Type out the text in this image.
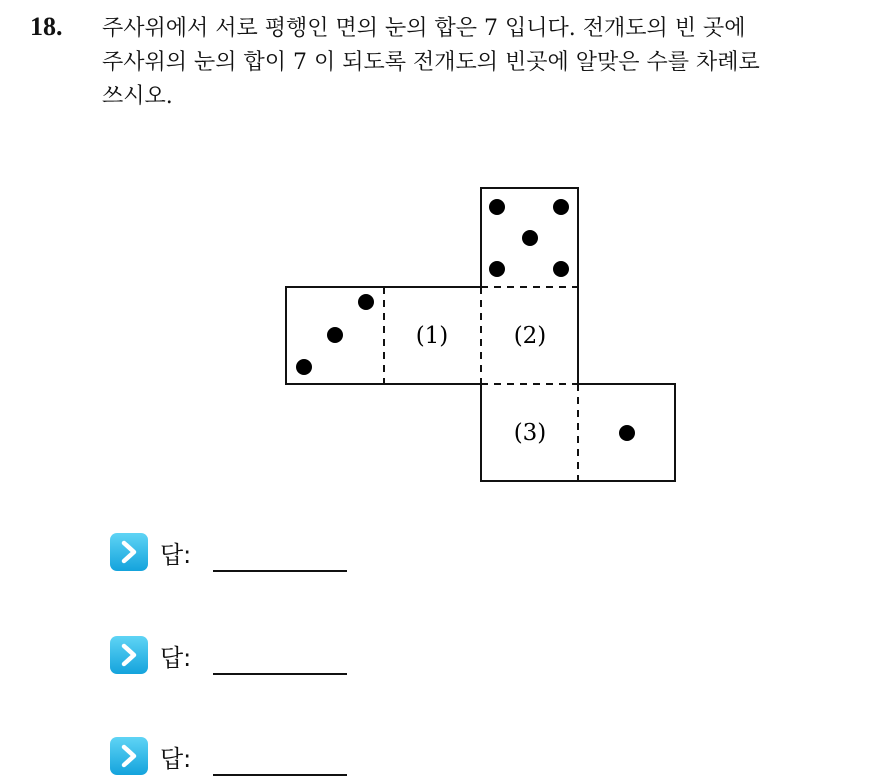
18. 주사위에서 서로 평행인 면의 눈의 합은 7 입니다. 전개도의 빈 곳에
주사위의 눈의 합이 7 이 되도록 전개도의 빈곳에 알맞은 수를 차례로
쓰시오.
(1)	(2)
(3)
답:
답:
답:
